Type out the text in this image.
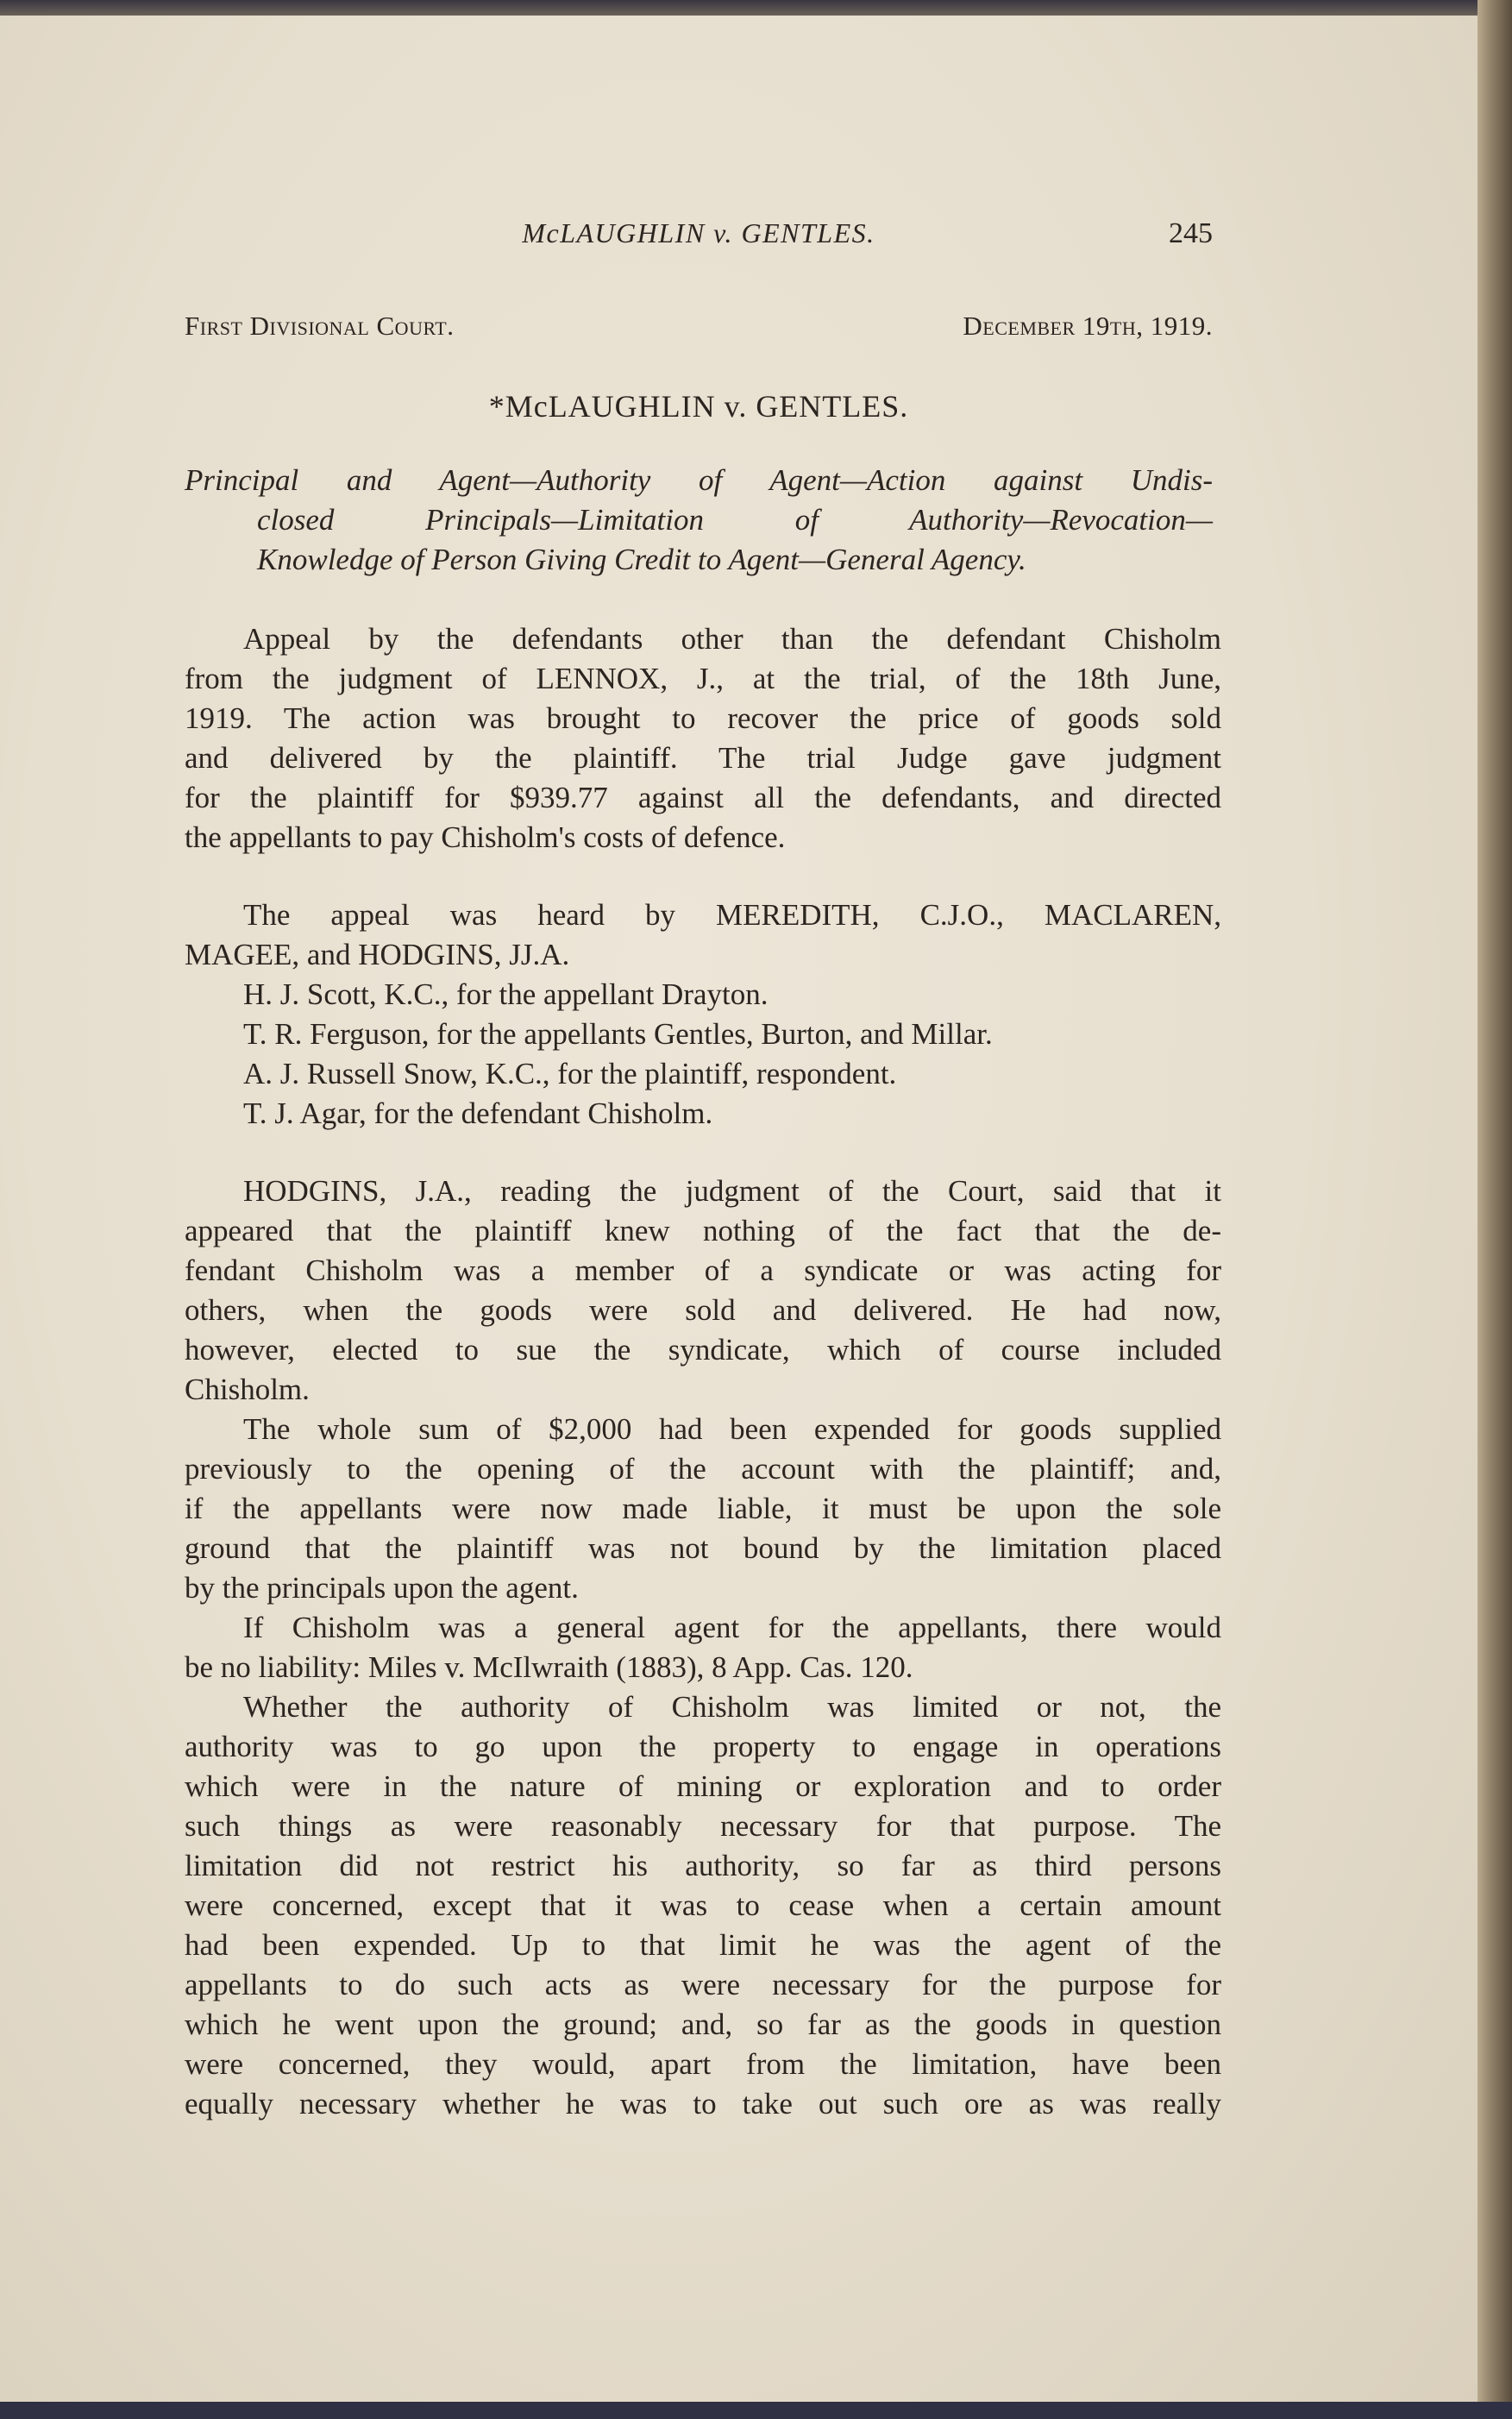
McLAUGHLIN v. GENTLES.	245
First Divisional Court.	December 19th, 1919.
*McLAUGHLIN v. GENTLES.
Principal and Agent—Authority of Agent—Action against Undis-
closed Principals—Limitation of Authority—Revocation—
Knowledge of Person Giving Credit to Agent—General Agency.
Appeal by the defendants other than the defendant Chisholm
from the judgment of LENNOX, J., at the trial, of the 18th June,
1919. The action was brought to recover the price of goods sold
and delivered by the plaintiff. The trial Judge gave judgment
for the plaintiff for $939.77 against all the defendants, and directed
the appellants to pay Chisholm's costs of defence.
The appeal was heard by MEREDITH, C.J.O., MACLAREN,
MAGEE, and HODGINS, JJ.A.
H. J. Scott, K.C., for the appellant Drayton.
T. R. Ferguson, for the appellants Gentles, Burton, and Millar.
A. J. Russell Snow, K.C., for the plaintiff, respondent.
T. J. Agar, for the defendant Chisholm.
HODGINS, J.A., reading the judgment of the Court, said that it
appeared that the plaintiff knew nothing of the fact that the de-
fendant Chisholm was a member of a syndicate or was acting for
others, when the goods were sold and delivered. He had now,
however, elected to sue the syndicate, which of course included
Chisholm.
The whole sum of $2,000 had been expended for goods supplied
previously to the opening of the account with the plaintiff; and,
if the appellants were now made liable, it must be upon the sole
ground that the plaintiff was not bound by the limitation placed
by the principals upon the agent.
If Chisholm was a general agent for the appellants, there would
be no liability: Miles v. McIlwraith (1883), 8 App. Cas. 120.
Whether the authority of Chisholm was limited or not, the
authority was to go upon the property to engage in operations
which were in the nature of mining or exploration and to order
such things as were reasonably necessary for that purpose. The
limitation did not restrict his authority, so far as third persons
were concerned, except that it was to cease when a certain amount
had been expended. Up to that limit he was the agent of the
appellants to do such acts as were necessary for the purpose for
which he went upon the ground; and, so far as the goods in question
were concerned, they would, apart from the limitation, have been
equally necessary whether he was to take out such ore as was really
